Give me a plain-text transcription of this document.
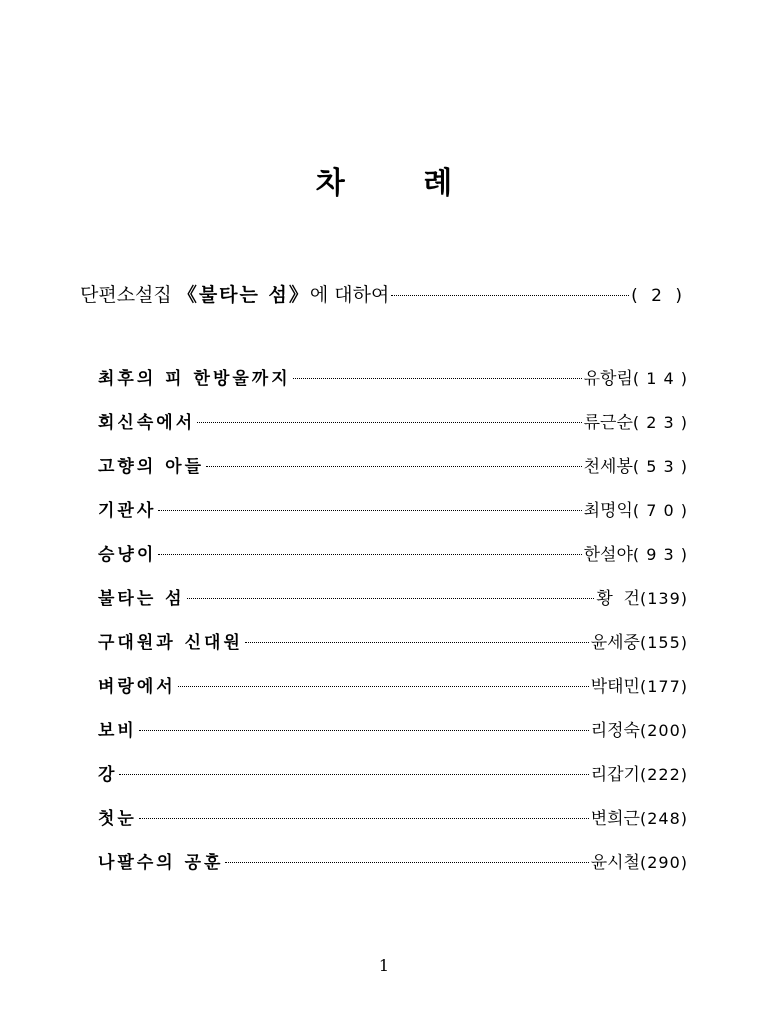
차 례
단편소설집 《불타는 섬》에 대하여	( 2 )
최후의 피 한방울까지	유항림 ( 1 4 )
회신속에서	류근순 ( 2 3 )
고향의 아들	천세봉 ( 5 3 )
기관사	최명익 ( 7 0 )
승냥이	한설야 ( 9 3 )
불타는 섬	황  건 (139)
구대원과 신대원	윤세중 (155)
벼랑에서	박태민 (177)
보비	리정숙 (200)
강	리갑기 (222)
첫눈	변희근 (248)
나팔수의 공훈	윤시철 (290)
1
